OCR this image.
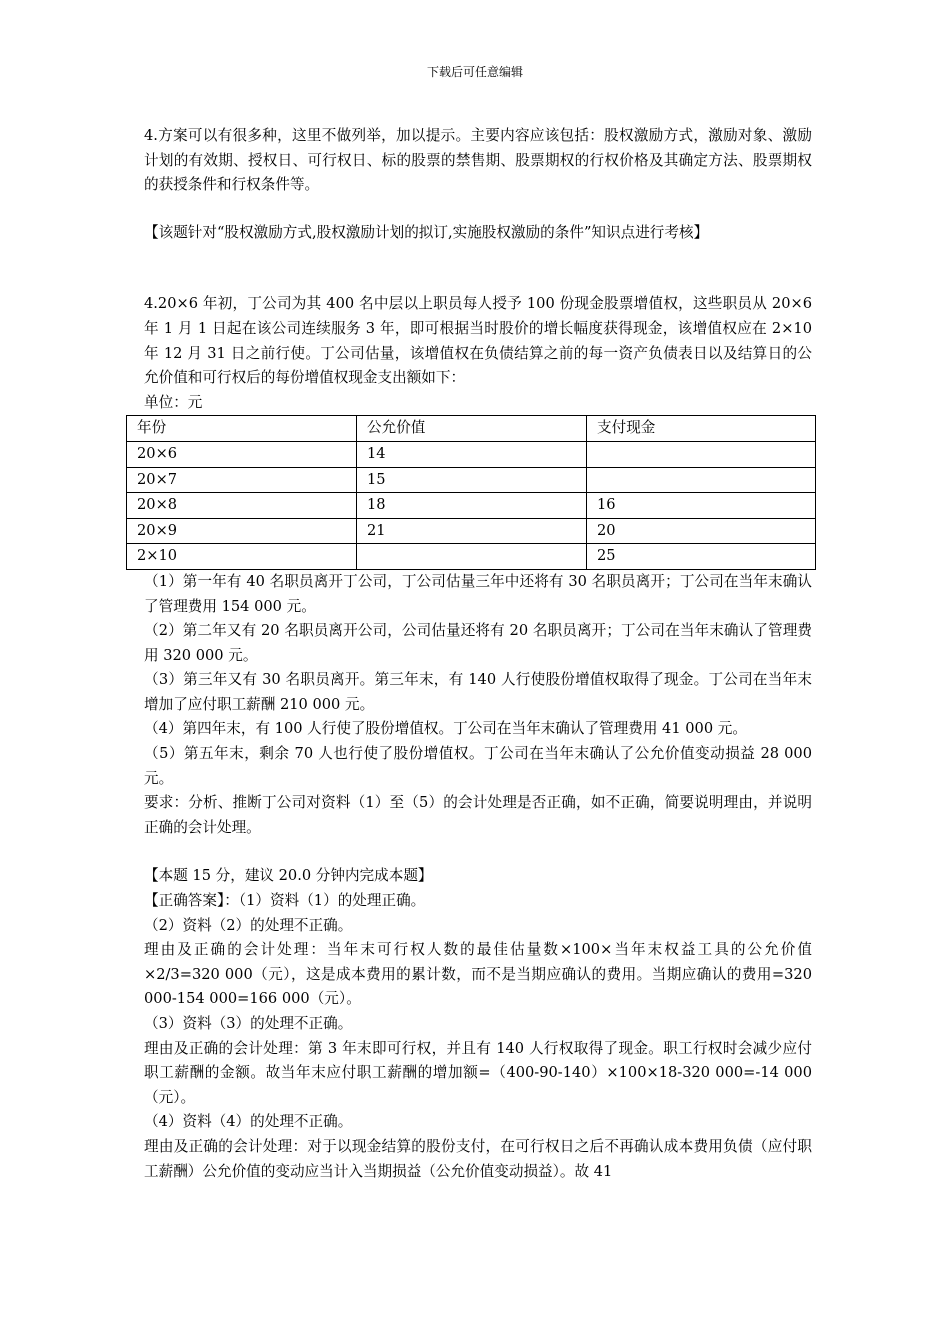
下载后可任意编辑

4.方案可以有很多种，这里不做列举，加以提示。主要内容应该包括：股权激励方式，激励对象、激励计划的有效期、授权日、可行权日、标的股票的禁售期、股票期权的行权价格及其确定方法、股票期权的获授条件和行权条件等。

【该题针对“股权激励方式,股权激励计划的拟订,实施股权激励的条件”知识点进行考核】

4.20×6 年初，丁公司为其 400 名中层以上职员每人授予 100 份现金股票增值权，这些职员从 20×6 年 1 月 1 日起在该公司连续服务 3 年，即可根据当时股价的增长幅度获得现金，该增值权应在 2×10 年 12 月 31 日之前行使。丁公司估量，该增值权在负债结算之前的每一资产负债表日以及结算日的公允价值和可行权后的每份增值权现金支出额如下：

单位：元

年份	公允价值	支付现金
20×6	14	
20×7	15	
20×8	18	16
20×9	21	20
2×10		25

（1）第一年有 40 名职员离开丁公司，丁公司估量三年中还将有 30 名职员离开；丁公司在当年末确认了管理费用 154 000 元。

（2）第二年又有 20 名职员离开公司，公司估量还将有 20 名职员离开；丁公司在当年末确认了管理费用 320 000 元。

（3）第三年又有 30 名职员离开。第三年末，有 140 人行使股份增值权取得了现金。丁公司在当年末增加了应付职工薪酬 210 000 元。

（4）第四年末，有 100 人行使了股份增值权。丁公司在当年末确认了管理费用 41 000 元。

（5）第五年末，剩余 70 人也行使了股份增值权。丁公司在当年末确认了公允价值变动损益 28 000 元。

要求：分析、推断丁公司对资料（1）至（5）的会计处理是否正确，如不正确，简要说明理由，并说明正确的会计处理。

【本题 15 分，建议 20.0 分钟内完成本题】

【正确答案】：（1）资料（1）的处理正确。

（2）资料（2）的处理不正确。

理由及正确的会计处理：当年末可行权人数的最佳估量数×100×当年末权益工具的公允价值×2/3=320 000（元），这是成本费用的累计数，而不是当期应确认的费用。当期应确认的费用=320 000-154 000=166 000（元）。

（3）资料（3）的处理不正确。

理由及正确的会计处理：第 3 年末即可行权，并且有 140 人行权取得了现金。职工行权时会减少应付职工薪酬的金额。故当年末应付职工薪酬的增加额=（400-90-140）×100×18-320 000=-14 000（元）。

（4）资料（4）的处理不正确。

理由及正确的会计处理：对于以现金结算的股份支付，在可行权日之后不再确认成本费用负债（应付职工薪酬）公允价值的变动应当计入当期损益（公允价值变动损益）。故 41
